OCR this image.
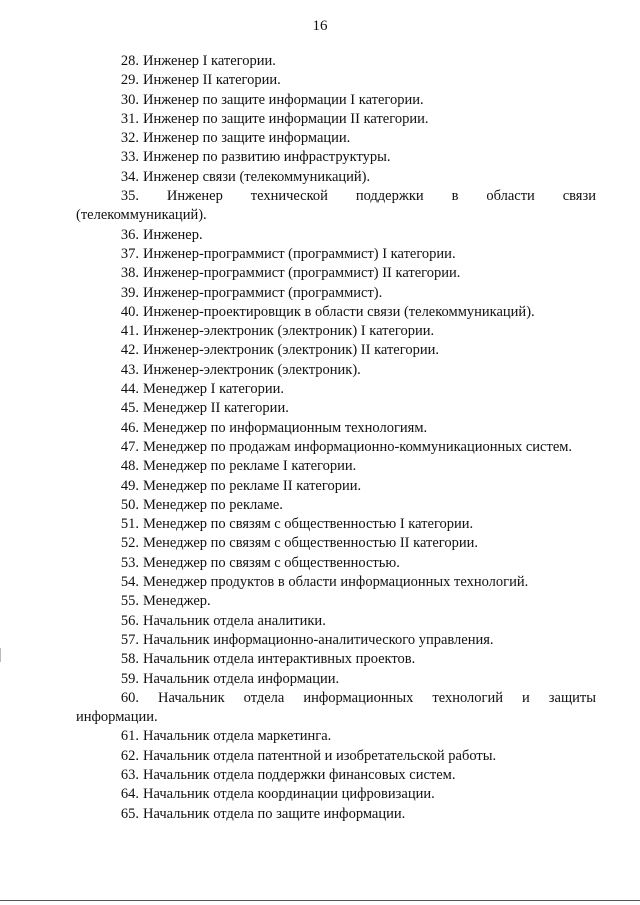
16
28. Инженер I категории.
29. Инженер II категории.
30. Инженер по защите информации I категории.
31. Инженер по защите информации II категории.
32. Инженер по защите информации.
33. Инженер по развитию инфраструктуры.
34. Инженер связи (телекоммуникаций).
35. Инженер технической поддержки в области связи
(телекоммуникаций).
36. Инженер.
37. Инженер-программист (программист) I категории.
38. Инженер-программист (программист) II категории.
39. Инженер-программист (программист).
40. Инженер-проектировщик в области связи (телекоммуникаций).
41. Инженер-электроник (электроник) I категории.
42. Инженер-электроник (электроник) II категории.
43. Инженер-электроник (электроник).
44. Менеджер I категории.
45. Менеджер II категории.
46. Менеджер по информационным технологиям.
47. Менеджер по продажам информационно-коммуникационных систем.
48. Менеджер по рекламе I категории.
49. Менеджер по рекламе II категории.
50. Менеджер по рекламе.
51. Менеджер по связям с общественностью I категории.
52. Менеджер по связям с общественностью II категории.
53. Менеджер по связям с общественностью.
54. Менеджер продуктов в области информационных технологий.
55. Менеджер.
56. Начальник отдела аналитики.
57. Начальник информационно-аналитического управления.
58. Начальник отдела интерактивных проектов.
59. Начальник отдела информации.
60. Начальник отдела информационных технологий и защиты
информации.
61. Начальник отдела маркетинга.
62. Начальник отдела патентной и изобретательской работы.
63. Начальник отдела поддержки финансовых систем.
64. Начальник отдела координации цифровизации.
65. Начальник отдела по защите информации.
